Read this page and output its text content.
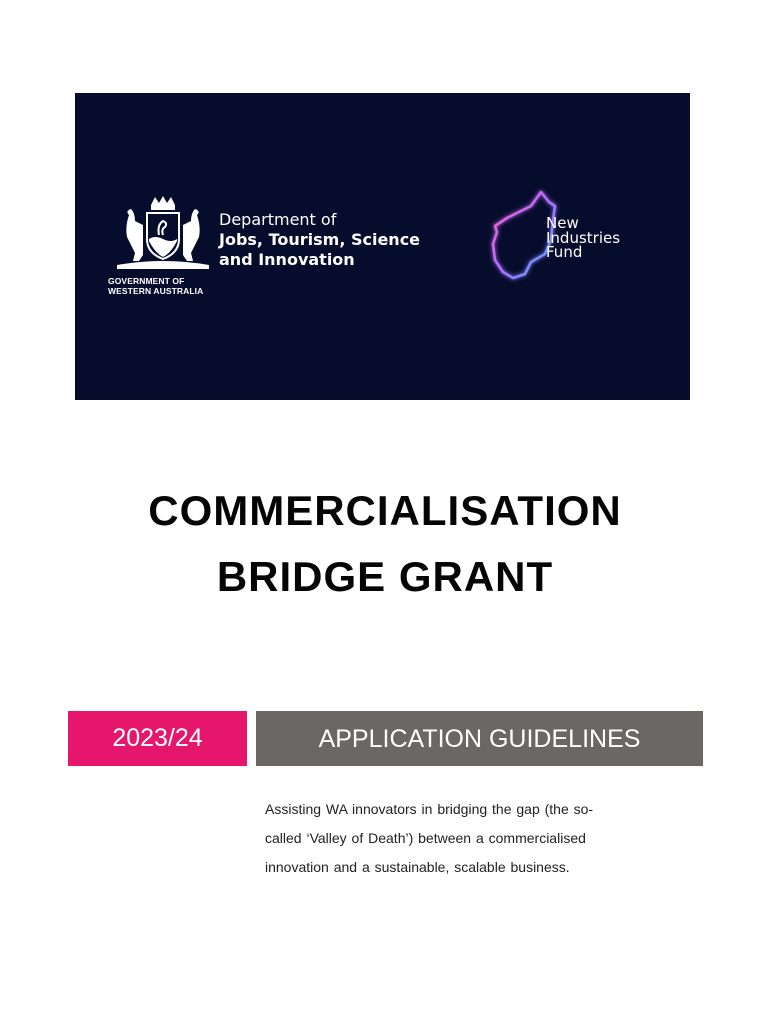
GOVERNMENT OF
WESTERN AUSTRALIA
Department of
Jobs, Tourism, Science
and Innovation
New
Industries
Fund
COMMERCIALISATION
BRIDGE GRANT
2023/24	APPLICATION GUIDELINES
Assisting WA innovators in bridging the gap (the so-
called ‘Valley of Death’) between a commercialised
innovation and a sustainable, scalable business.
